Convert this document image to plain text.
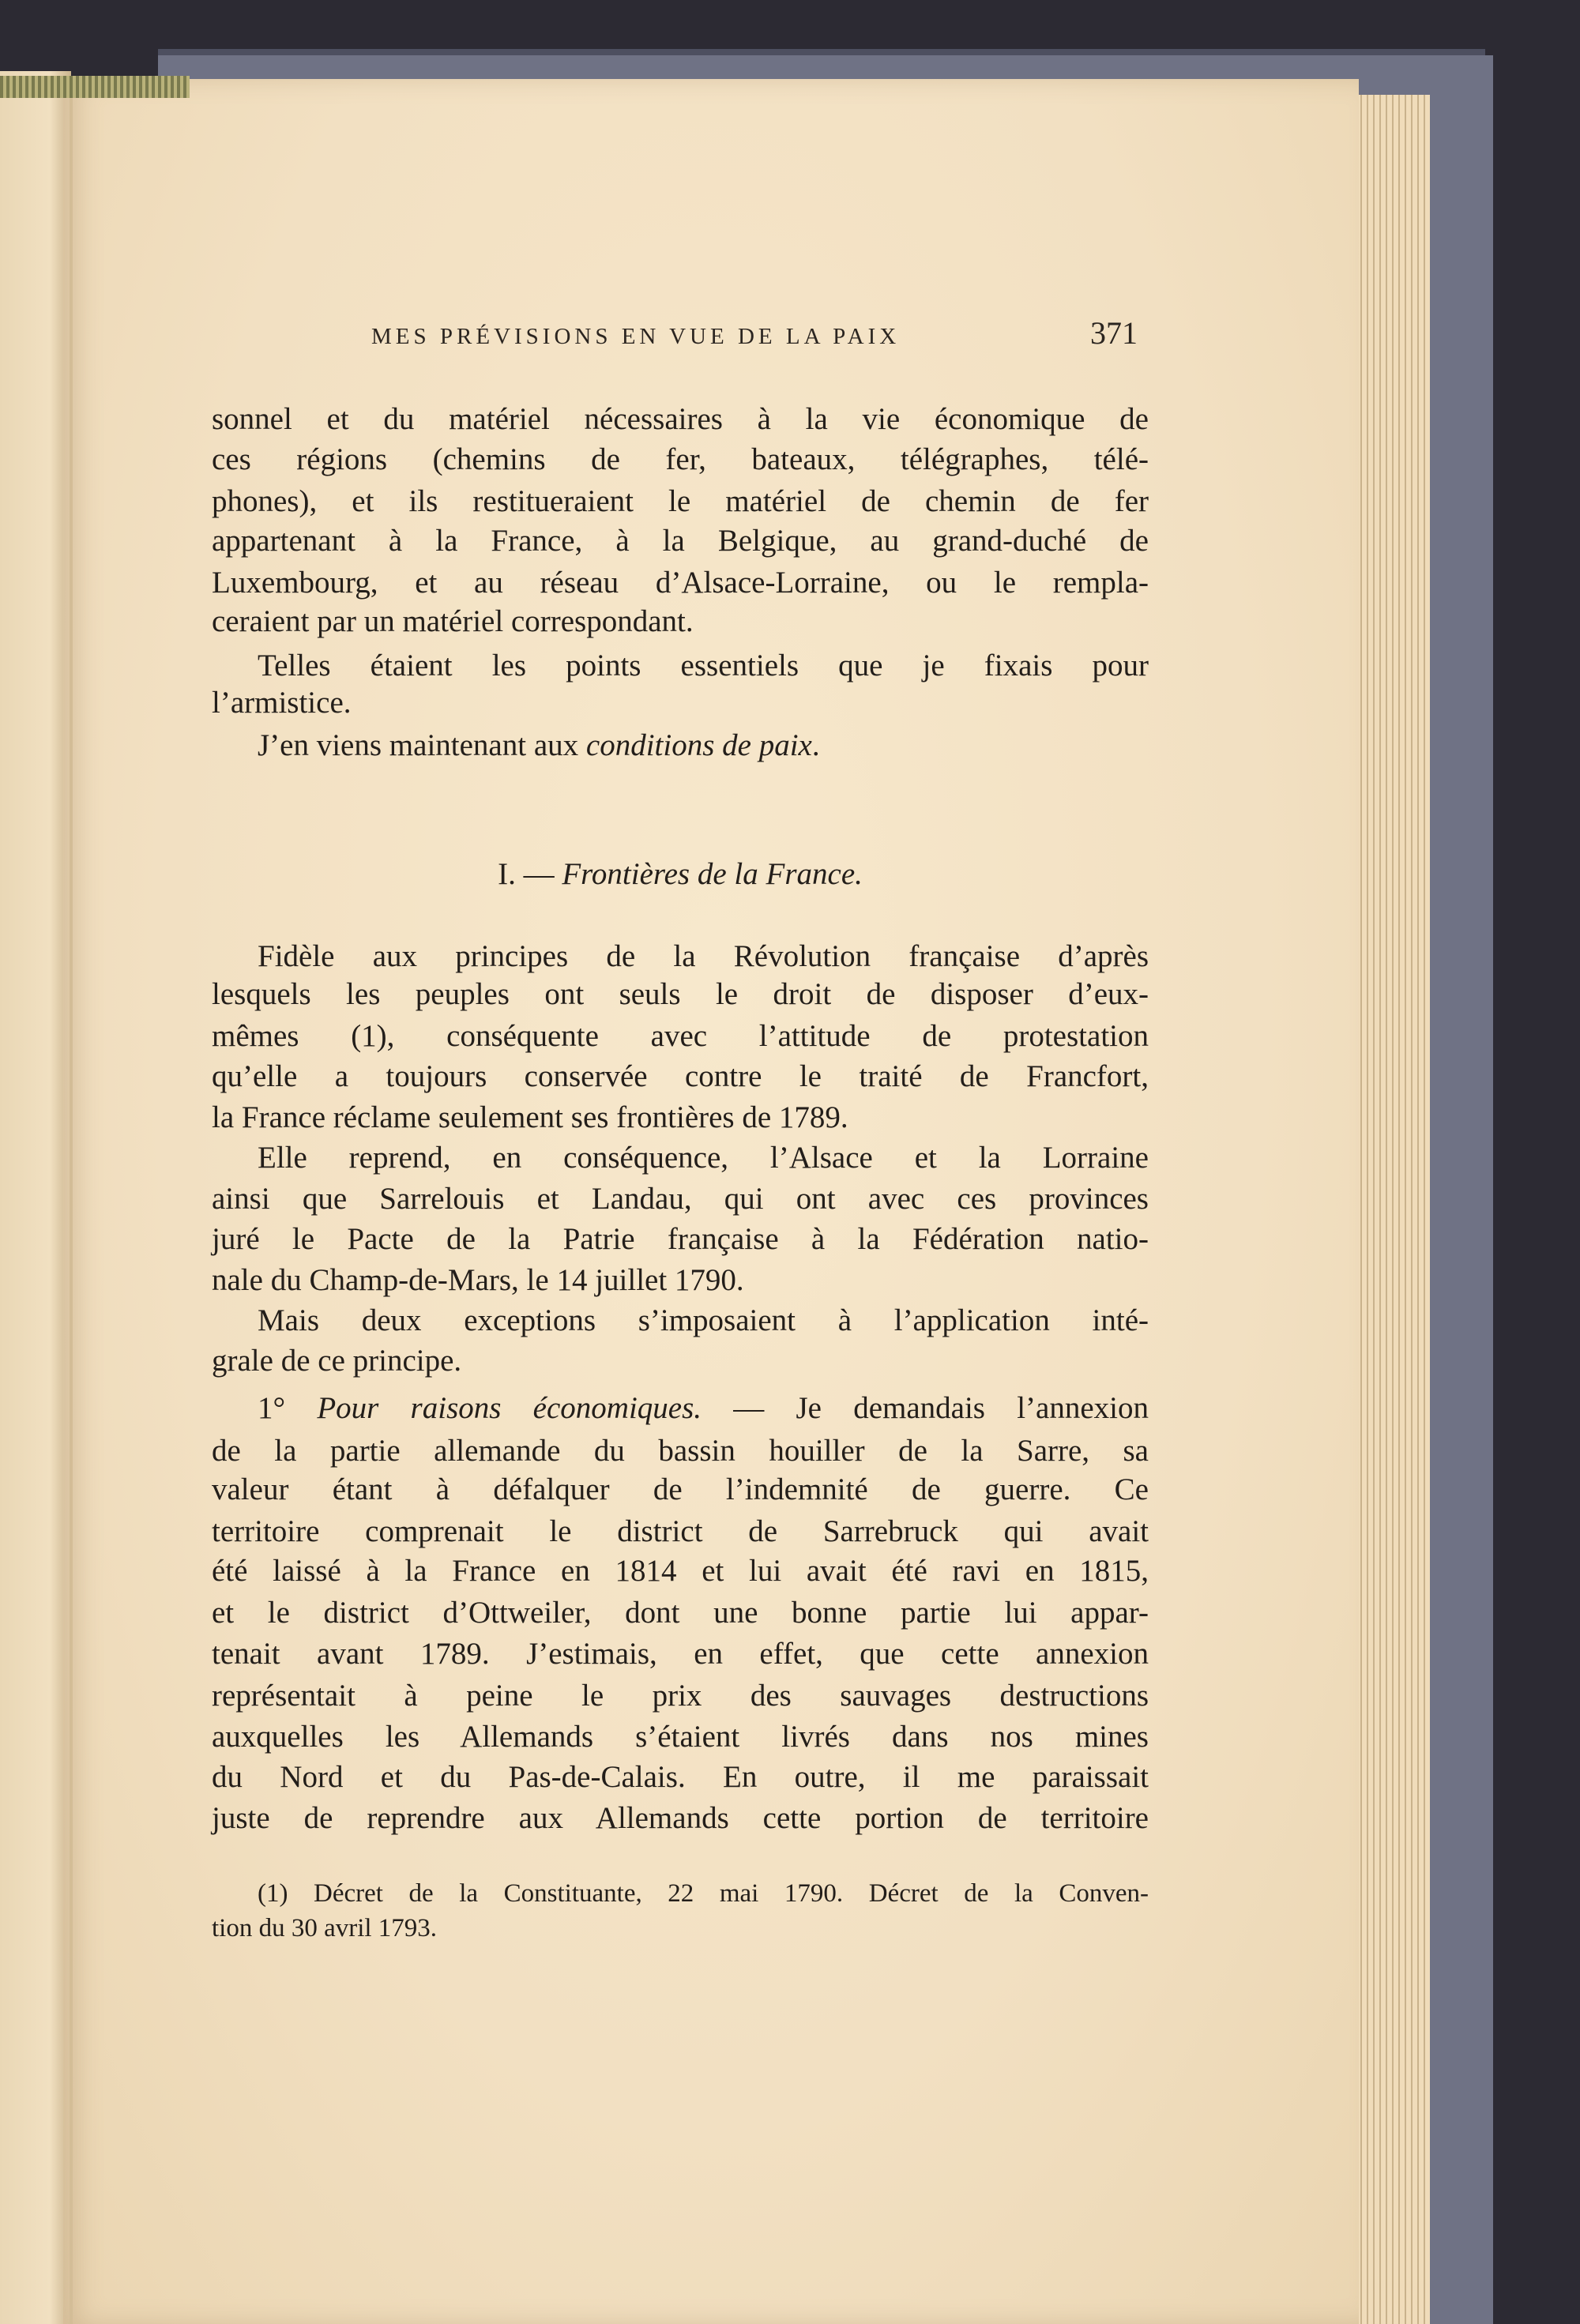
MES PRÉVISIONS EN VUE DE LA PAIX	371
sonnel et du matériel nécessaires à la vie économique de
ces régions (chemins de fer, bateaux, télégraphes, télé-
phones), et ils restitueraient le matériel de chemin de fer
appartenant à la France, à la Belgique, au grand-duché de
Luxembourg, et au réseau d’Alsace-Lorraine, ou le rempla-
ceraient par un matériel correspondant.
Telles étaient les points essentiels que je fixais pour
l’armistice.
J’en viens maintenant aux conditions de paix.
I. — Frontières de la France.
Fidèle aux principes de la Révolution française d’après
lesquels les peuples ont seuls le droit de disposer d’eux-
mêmes (1), conséquente avec l’attitude de protestation
qu’elle a toujours conservée contre le traité de Francfort,
la France réclame seulement ses frontières de 1789.
Elle reprend, en conséquence, l’Alsace et la Lorraine
ainsi que Sarrelouis et Landau, qui ont avec ces provinces
juré le Pacte de la Patrie française à la Fédération natio-
nale du Champ-de-Mars, le 14 juillet 1790.
Mais deux exceptions s’imposaient à l’application inté-
grale de ce principe.
1° Pour raisons économiques. — Je demandais l’annexion
de la partie allemande du bassin houiller de la Sarre, sa
valeur étant à défalquer de l’indemnité de guerre. Ce
territoire comprenait le district de Sarrebruck qui avait
été laissé à la France en 1814 et lui avait été ravi en 1815,
et le district d’Ottweiler, dont une bonne partie lui appar-
tenait avant 1789. J’estimais, en effet, que cette annexion
représentait à peine le prix des sauvages destructions
auxquelles les Allemands s’étaient livrés dans nos mines
du Nord et du Pas-de-Calais. En outre, il me paraissait
juste de reprendre aux Allemands cette portion de territoire
(1) Décret de la Constituante, 22 mai 1790. Décret de la Conven-
tion du 30 avril 1793.
